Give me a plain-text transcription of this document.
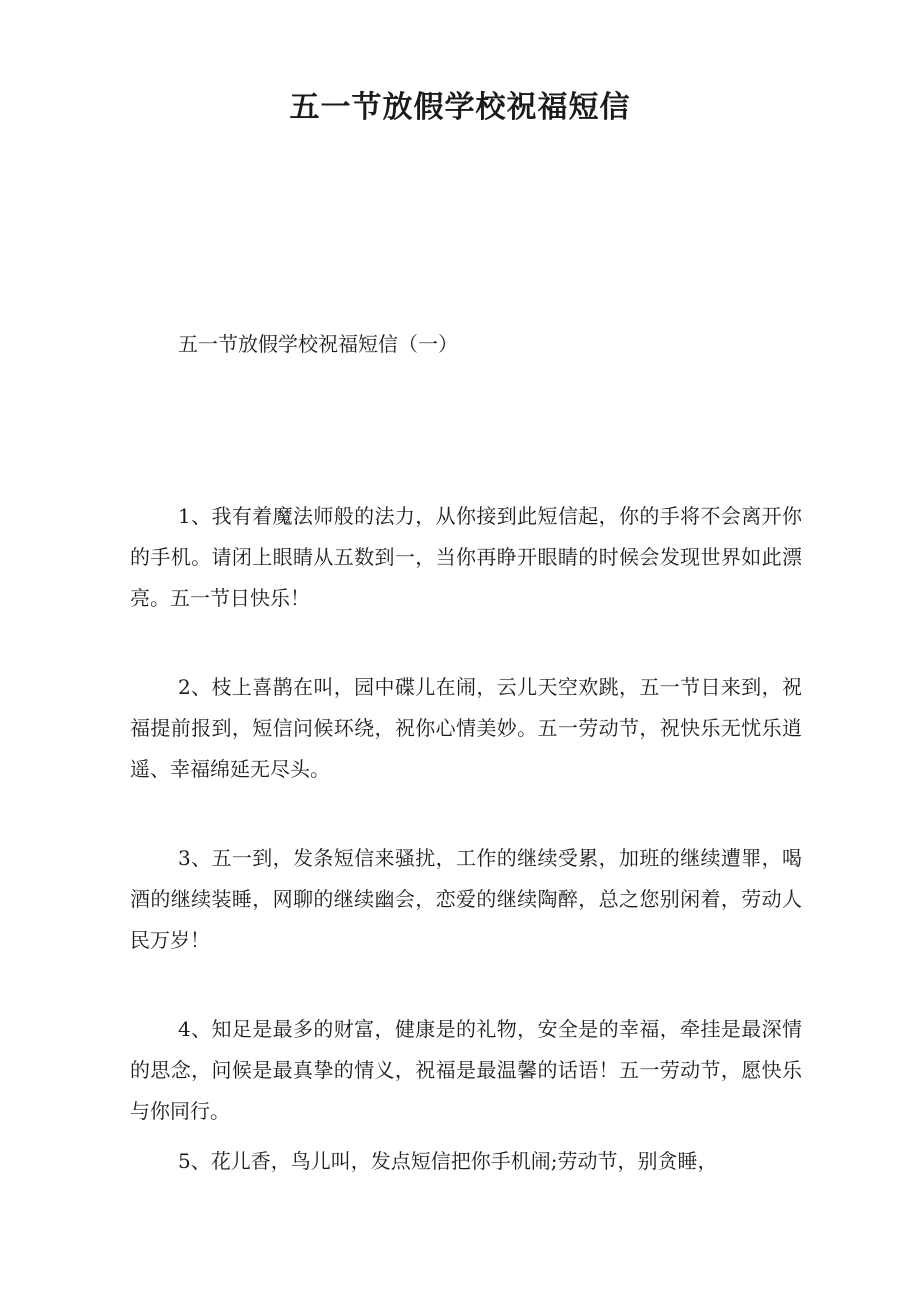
五一节放假学校祝福短信
五一节放假学校祝福短信（一）

1、我有着魔法师般的法力，从你接到此短信起，你的手将不会离开你的手机。请闭上眼睛从五数到一，当你再睁开眼睛的时候会发现世界如此漂亮。五一节日快乐！

2、枝上喜鹊在叫，园中碟儿在闹，云儿天空欢跳，五一节日来到，祝福提前报到，短信问候环绕，祝你心情美妙。五一劳动节，祝快乐无忧乐逍遥、幸福绵延无尽头。

3、五一到，发条短信来骚扰，工作的继续受累，加班的继续遭罪，喝酒的继续装睡，网聊的继续幽会，恋爱的继续陶醉，总之您别闲着，劳动人民万岁！

4、知足是最多的财富，健康是的礼物，安全是的幸福，牵挂是最深情的思念，问候是最真挚的情义，祝福是最温馨的话语！五一劳动节，愿快乐与你同行。

5、花儿香，鸟儿叫，发点短信把你手机闹;劳动节，别贪睡，
